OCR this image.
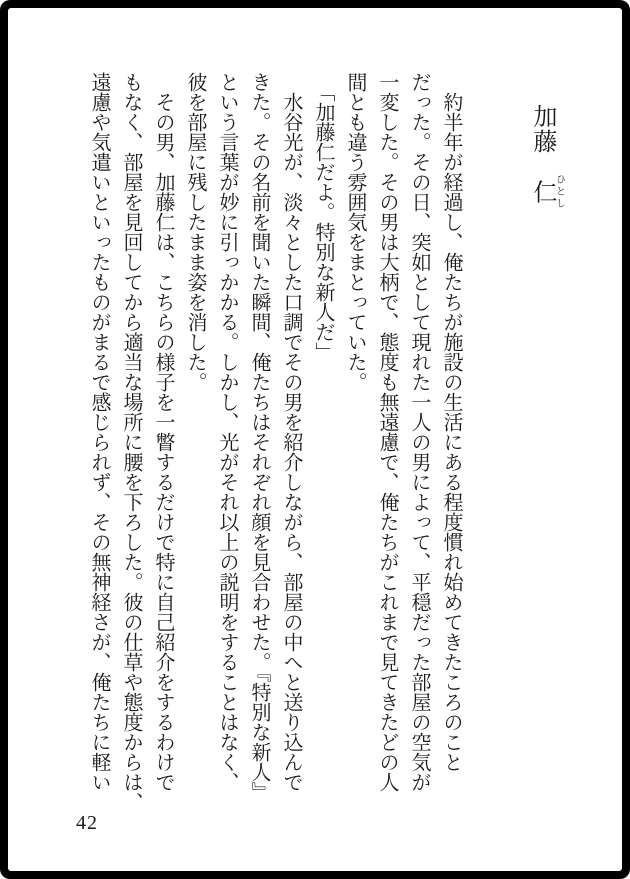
加藤　仁ひとし

　約半年が経過し、俺たちが施設の生活にある程度慣れ始めてきたころのこと

だった。その日、突如として現れた一人の男によって、平穏だった部屋の空気が

一変した。その男は大柄で、態度も無遠慮で、俺たちがこれまで見てきたどの人

間とも違う雰囲気をまとっていた。

　「加藤仁だよ。特別な新人だ」

　水谷光が、淡々とした口調でその男を紹介しながら、部屋の中へと送り込んで

きた。その名前を聞いた瞬間、俺たちはそれぞれ顔を見合わせた。『特別な新人』

という言葉が妙に引っかかる。しかし、光がそれ以上の説明をすることはなく、

彼を部屋に残したまま姿を消した。

　その男、加藤仁は、こちらの様子を一瞥するだけで特に自己紹介をするわけで

もなく、部屋を見回してから適当な場所に腰を下ろした。彼の仕草や態度からは、

遠慮や気遣いといったものがまるで感じられず、その無神経さが、俺たちに軽い

42
